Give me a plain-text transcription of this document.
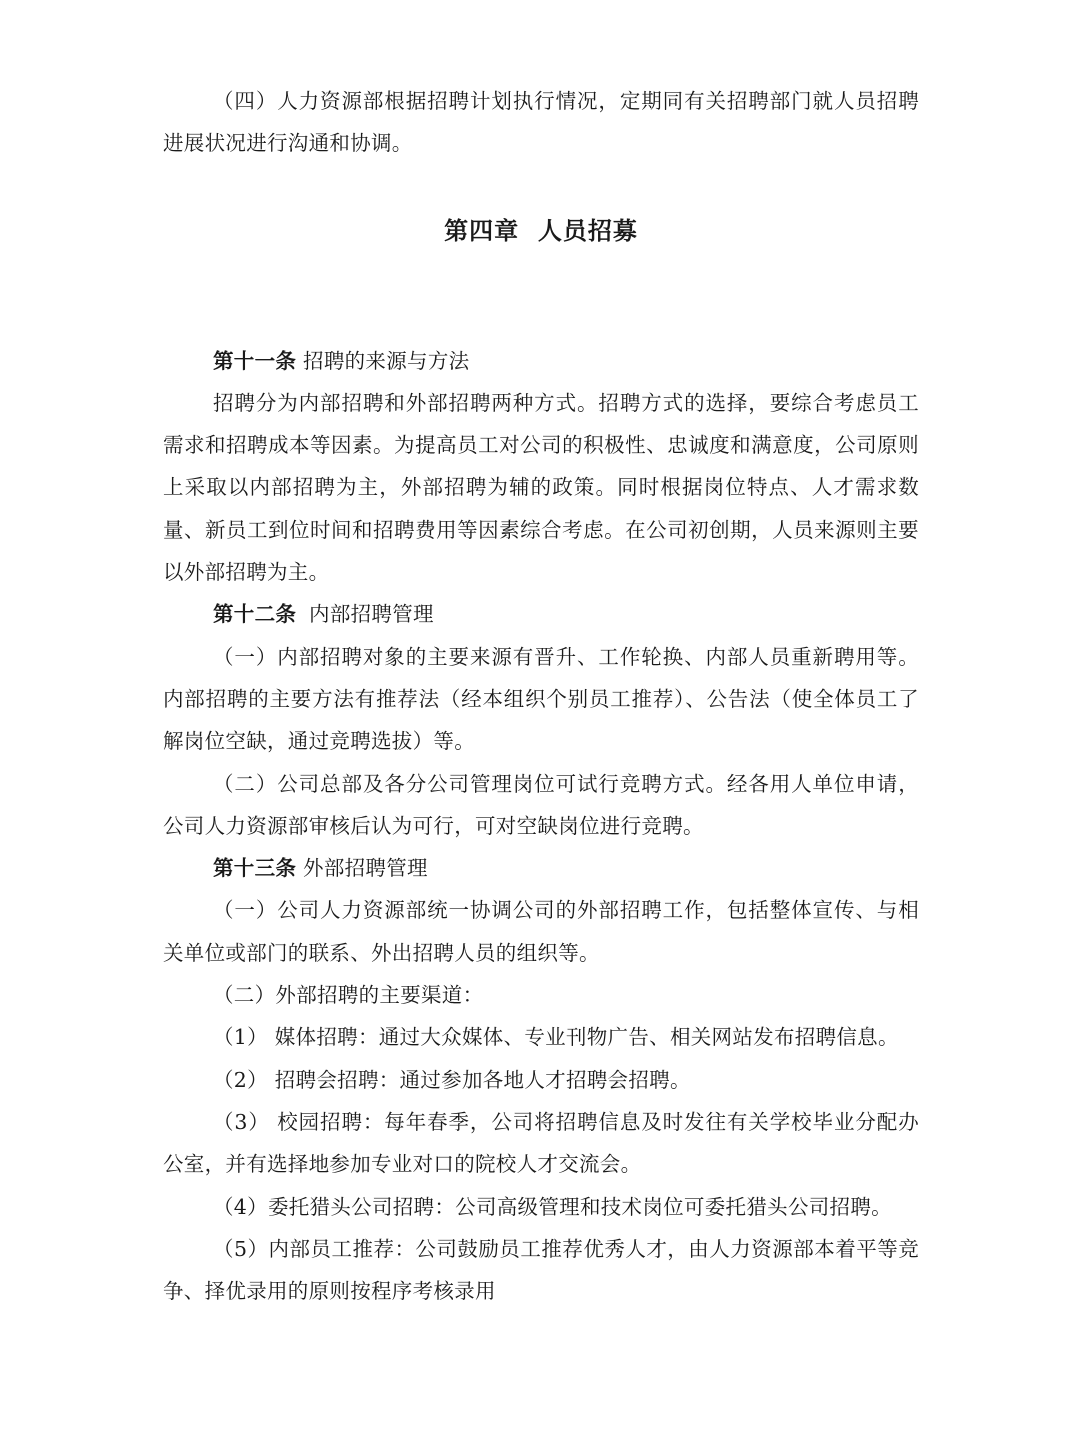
（四）人力资源部根据招聘计划执行情况，定期同有关招聘部门就人员招聘进展状况进行沟通和协调。

第四章  人员招募

第十一条 招聘的来源与方法

招聘分为内部招聘和外部招聘两种方式。招聘方式的选择，要综合考虑员工需求和招聘成本等因素。为提高员工对公司的积极性、忠诚度和满意度，公司原则上采取以内部招聘为主，外部招聘为辅的政策。同时根据岗位特点、人才需求数量、新员工到位时间和招聘费用等因素综合考虑。在公司初创期，人员来源则主要以外部招聘为主。

第十二条 内部招聘管理

（一）内部招聘对象的主要来源有晋升、工作轮换、内部人员重新聘用等。内部招聘的主要方法有推荐法（经本组织个别员工推荐）、公告法（使全体员工了解岗位空缺，通过竞聘选拔）等。

（二）公司总部及各分公司管理岗位可试行竞聘方式。经各用人单位申请，公司人力资源部审核后认为可行，可对空缺岗位进行竞聘。

第十三条 外部招聘管理

（一）公司人力资源部统一协调公司的外部招聘工作，包括整体宣传、与相关单位或部门的联系、外出招聘人员的组织等。

（二）外部招聘的主要渠道：

（1） 媒体招聘：通过大众媒体、专业刊物广告、相关网站发布招聘信息。

（2） 招聘会招聘：通过参加各地人才招聘会招聘。

（3） 校园招聘：每年春季，公司将招聘信息及时发往有关学校毕业分配办公室，并有选择地参加专业对口的院校人才交流会。

（4）委托猎头公司招聘：公司高级管理和技术岗位可委托猎头公司招聘。

（5）内部员工推荐：公司鼓励员工推荐优秀人才，由人力资源部本着平等竞争、择优录用的原则按程序考核录用
